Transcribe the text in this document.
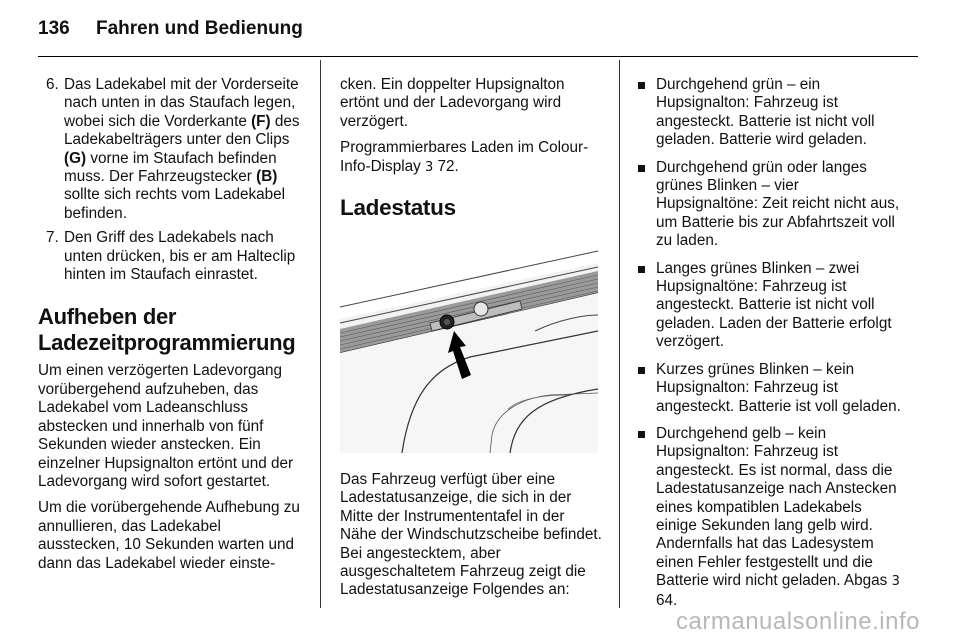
136 Fahren und Bedienung
6. Das Ladekabel mit der Vorderseite nach unten in das Staufach legen, wobei sich die Vorderkante (F) des Ladekabelträgers unter den Clips (G) vorne im Staufach befinden muss. Der Fahrzeugstecker (B) sollte sich rechts vom Ladekabel befinden.
7. Den Griff des Ladekabels nach unten drücken, bis er am Halteclip hinten im Staufach einrastet.
Aufheben der Ladezeitprogrammierung

Um einen verzögerten Ladevorgang vorübergehend aufzuheben, das Ladekabel vom Ladeanschluss abstecken und innerhalb von fünf Sekunden wieder anstecken. Ein einzelner Hupsignalton ertönt und der Ladevorgang wird sofort gestartet.

Um die vorübergehende Aufhebung zu annullieren, das Ladekabel ausstecken, 10 Sekunden warten und dann das Ladekabel wieder einste-

cken. Ein doppelter Hupsignalton ertönt und der Ladevorgang wird verzögert.

Programmierbares Laden im Colour-Info-Display 3 72.

Ladestatus

Das Fahrzeug verfügt über eine Ladestatusanzeige, die sich in der Mitte der Instrumententafel in der Nähe der Windschutzscheibe befindet. Bei angestecktem, aber ausgeschaltetem Fahrzeug zeigt die Ladestatusanzeige Folgendes an:

Durchgehend grün – ein Hupsignalton: Fahrzeug ist angesteckt. Batterie ist nicht voll geladen. Batterie wird geladen.
Durchgehend grün oder langes grünes Blinken – vier Hupsignaltöne: Zeit reicht nicht aus, um Batterie bis zur Abfahrtszeit voll zu laden.
Langes grünes Blinken – zwei Hupsignaltöne: Fahrzeug ist angesteckt. Batterie ist nicht voll geladen. Laden der Batterie erfolgt verzögert.
Kurzes grünes Blinken – kein Hupsignalton: Fahrzeug ist angesteckt. Batterie ist voll geladen.
Durchgehend gelb – kein Hupsignalton: Fahrzeug ist angesteckt. Es ist normal, dass die Ladestatusanzeige nach Anstecken eines kompatiblen Ladekabels einige Sekunden lang gelb wird. Andernfalls hat das Ladesystem einen Fehler festgestellt und die Batterie wird nicht geladen. Abgas 3 64.
carmanualsonline.info
